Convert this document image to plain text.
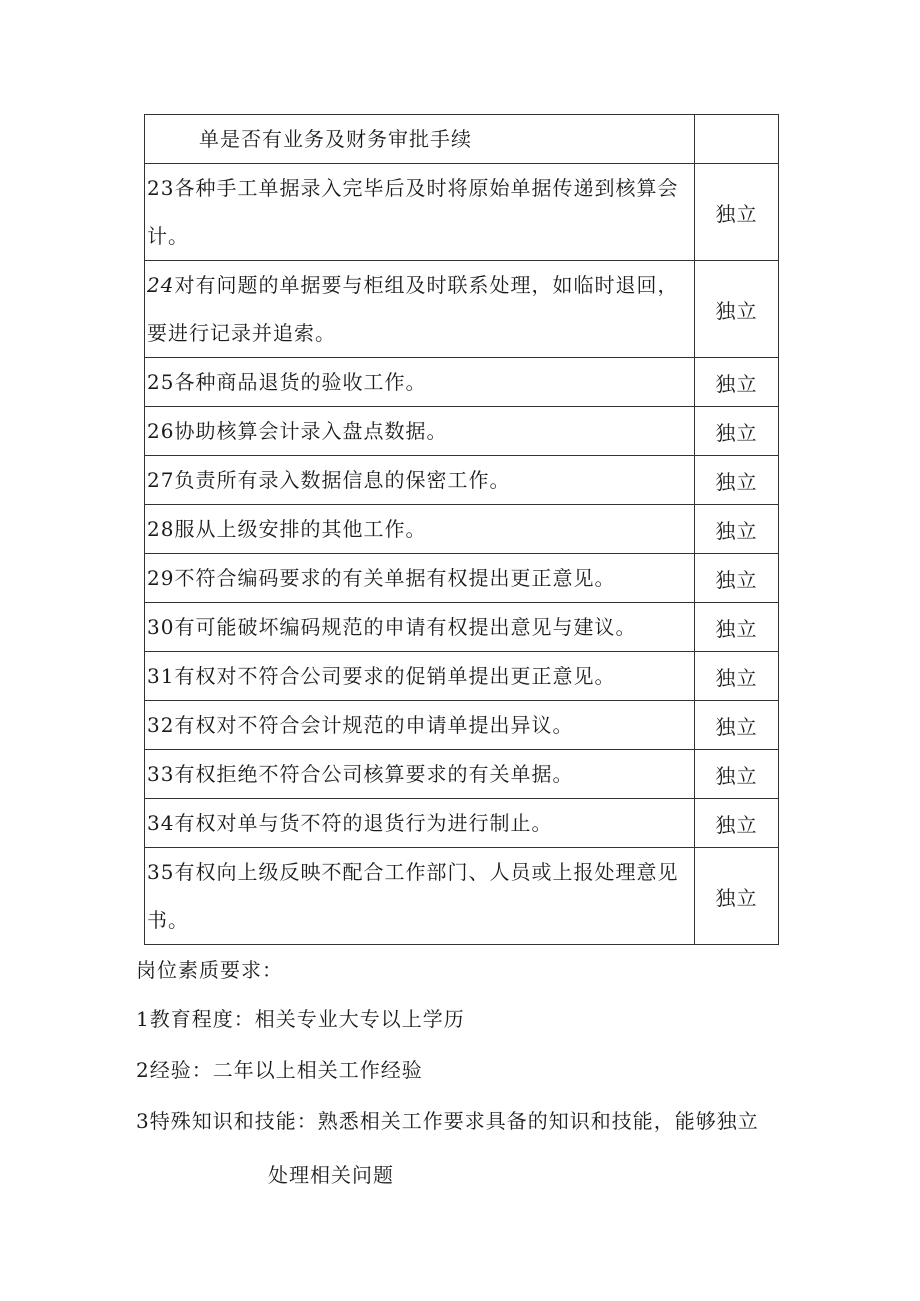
单是否有业务及财务审批手续	

23各种手工单据录入完毕后及时将原始单据传递到核算会计。	独立

24对有问题的单据要与柜组及时联系处理，如临时退回，要进行记录并追索。	独立

25各种商品退货的验收工作。	独立

26协助核算会计录入盘点数据。	独立

27负责所有录入数据信息的保密工作。	独立

28服从上级安排的其他工作。	独立

29不符合编码要求的有关单据有权提出更正意见。	独立

30有可能破坏编码规范的申请有权提出意见与建议。	独立

31有权对不符合公司要求的促销单提出更正意见。	独立

32有权对不符合会计规范的申请单提出异议。	独立

33有权拒绝不符合公司核算要求的有关单据。	独立

34有权对单与货不符的退货行为进行制止。	独立

35有权向上级反映不配合工作部门、人员或上报处理意见书。	独立
岗位素质要求：
1教育程度：相关专业大专以上学历
2经验：二年以上相关工作经验
3特殊知识和技能：熟悉相关工作要求具备的知识和技能，能够独立
处理相关问题
